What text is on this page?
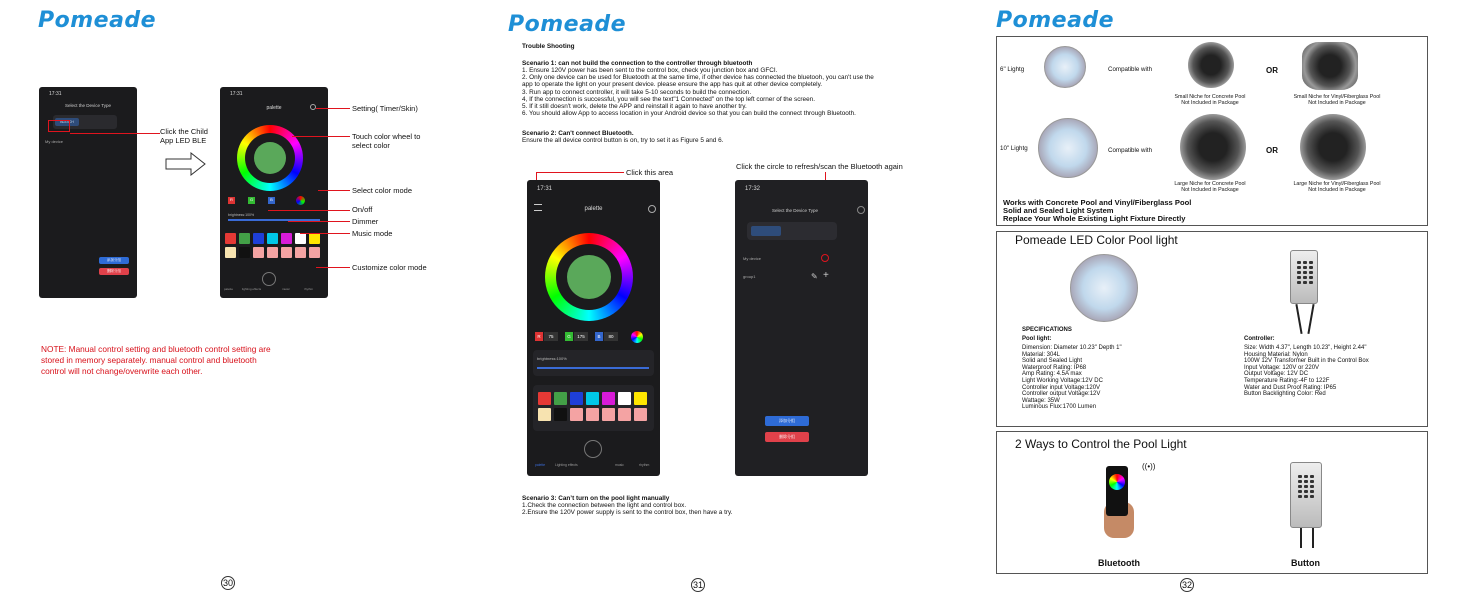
Pomeade
17:31
Select the Device Type
BLE4CH
My device
添加分组
删除分组
Click the Child App LED BLE
17:31
palette
R	G	B
brightness:100%
palette	lighting effects	music	rhythm
Setting( Timer/Skin)
Touch color wheel to select color
Select color mode
On/off
Dimmer
Music mode
Customize color mode
NOTE: Manual control setting and bluetooth control setting are stored in memory separately. manual control and bluetooth control will not change/overwrite each other.
30
Pomeade
Trouble Shooting
Scenario 1: can not build the connection to the controller through bluetooth
1. Ensure 120V power has been sent to the control box, check you junction box and GFCI.
2. Only one device can be used for Bluetooth at the same time, if other device has connected the bluetooh, you can't use the
app to operate the light on your present device. please ensure the app has quit at other device completely.
3. Run app to connect controller, it will take 5-10 seconds to build the connection.
4, If the connection is successful, you will see the text"1 Connected" on the top left corner of the screen.
5. If it still doesn't work, delete the APP and reinstall it again to have another try.
6. You should allow App to access location in your Android device so that you can build the connect through Bluetooth.
Scenario 2: Can't connect Bluetooth.
Ensure the all device control button is on, try to set it as Figure 5 and 6.
Click this area
Click the circle to refresh/scan the Bluetooth again
17:31
palette
R	75	G	175	B	80
brightness:100%
palette	Lighting effects	music	rhythm
17:32
Select the Device Type
My device
group1	✎ +
添加分组
删除分组
Scenario 3: Can’t turn on the pool light manually
1.Check the connection between the light and control box.
2.Ensure the 120V power supply is sent to the control box, then have a try.
31
Pomeade
6" Lightg	Compatible with	OR
Small Niche for Concrete Pool
Not Included in Package
Small Niche for Vinyl/Fiberglass Pool
Not Included in Package
10" Lightg	Compatible with	OR
Large Niche for Concrete Pool
Not Included in Package
Large Niche for Vinyl/Fiberglass Pool
Not Included in Package
Works with Concrete Pool and Vinyl/Fiberglass Pool
Solid and Sealed Light System
Replace Your Whole Existing Light Fixture Directly
Pomeade LED Color Pool light
SPECIFICATIONS
Pool light:
Dimension: Diameter 10.23" Depth 1"
Material: 304L
Solid and Sealed Light
Waterproof Rating: IP68
Amp Rating: 4.5A max
Light Working Voltage:12V DC
Controller input Voltage:120V
Controller output Voltage:12V
Wattage: 35W
Luminous Flux:1700 Lumen
Controller:
Size: Width 4.37", Length 10.23", Height 2.44"
Housing Material: Nylon
100W 12V Transformer Built in the Control Box
Input Voltage: 120V or 220V
Output Voltage: 12V DC
Temperature Rating:-4F to 122F
Water and Dust Proof Rating: IP65
Button Backlighting Color: Red
2 Ways to Control the Pool Light
((•))
Bluetooth	Button
32
